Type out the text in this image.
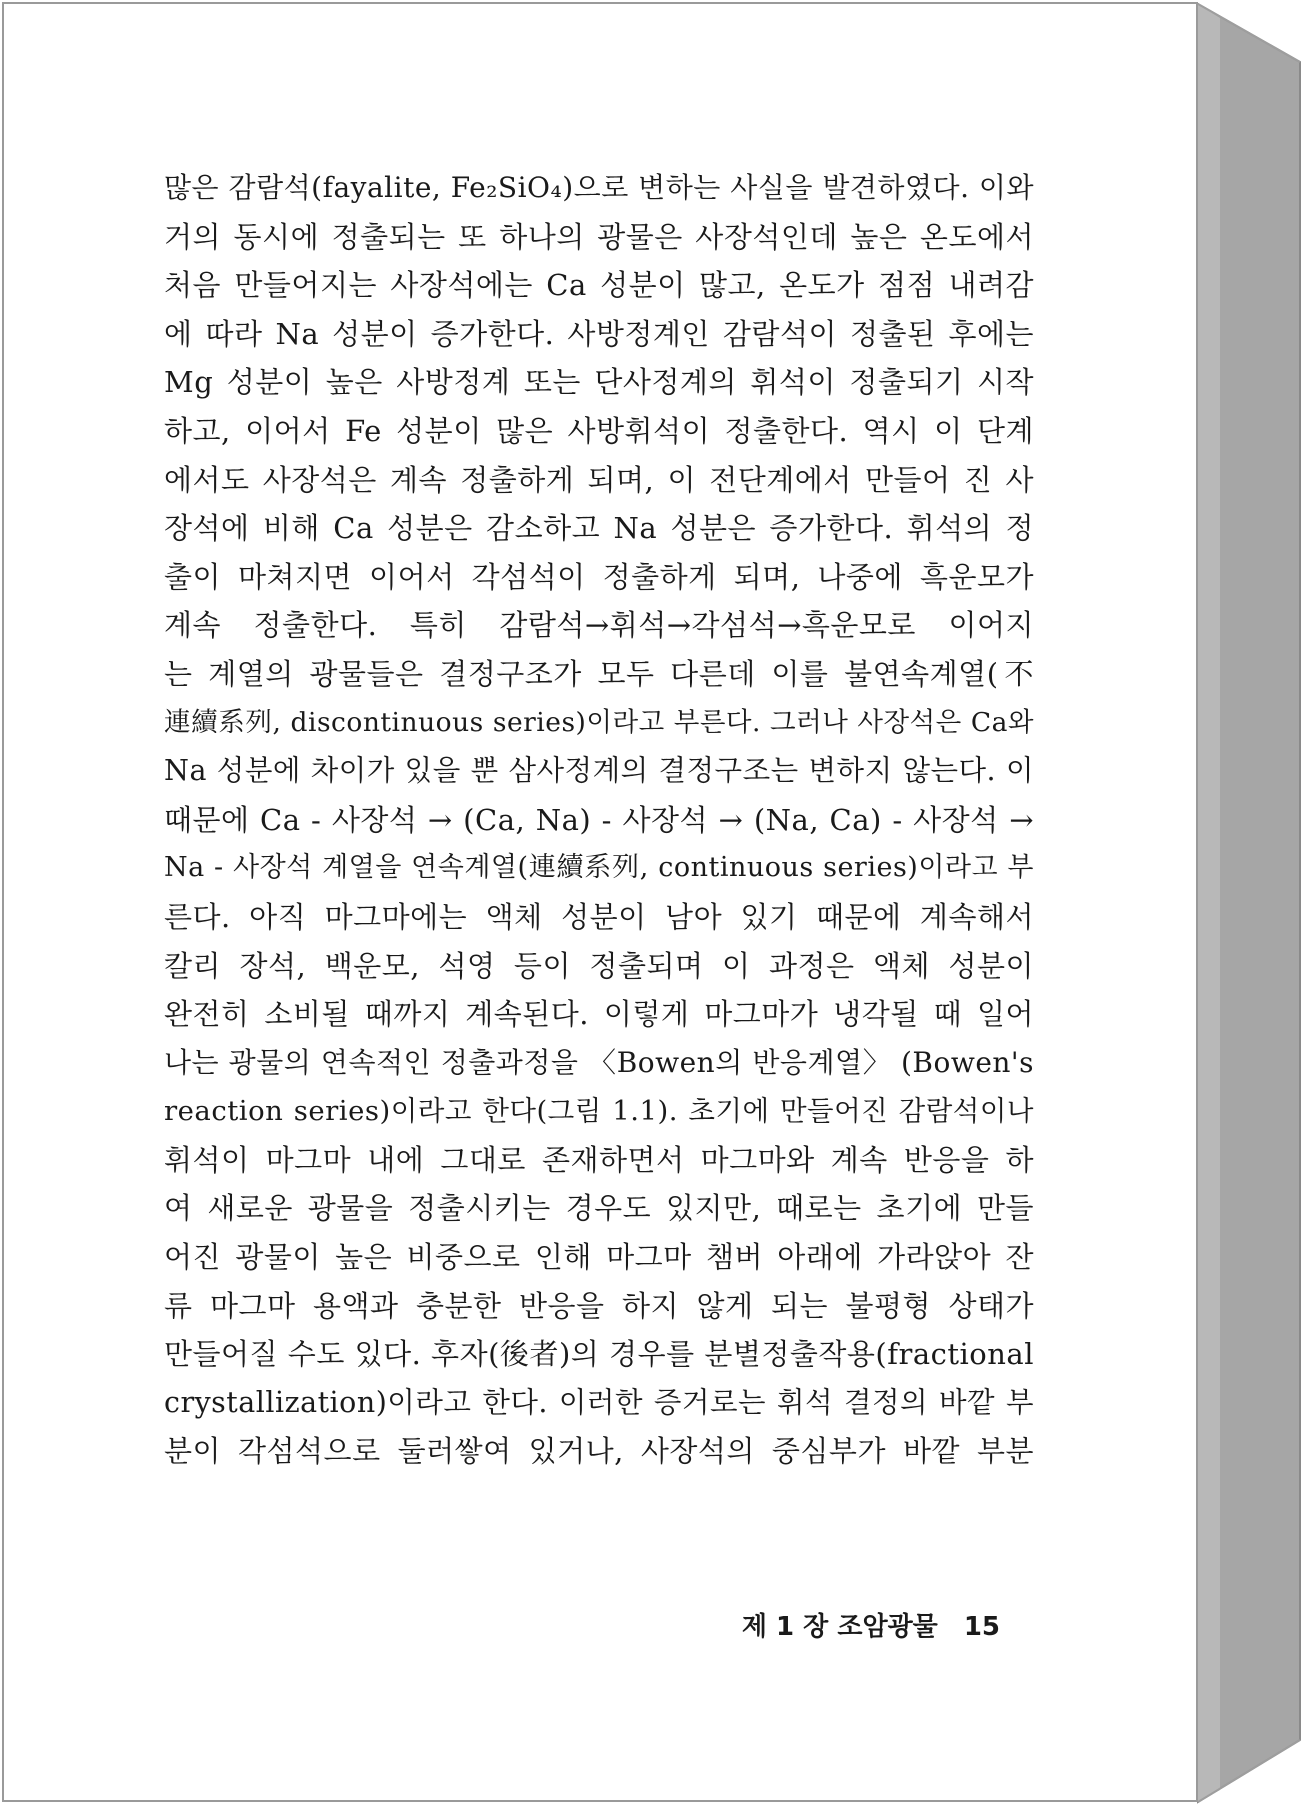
많은 감람석(fayalite, Fe₂SiO₄)으로 변하는 사실을 발견하였다. 이와
거의 동시에 정출되는 또 하나의 광물은 사장석인데 높은 온도에서
처음 만들어지는 사장석에는 Ca 성분이 많고, 온도가 점점 내려감
에 따라 Na 성분이 증가한다. 사방정계인 감람석이 정출된 후에는
Mg 성분이 높은 사방정계 또는 단사정계의 휘석이 정출되기 시작
하고, 이어서 Fe 성분이 많은 사방휘석이 정출한다. 역시 이 단계
에서도 사장석은 계속 정출하게 되며, 이 전단계에서 만들어 진 사
장석에 비해 Ca 성분은 감소하고 Na 성분은 증가한다. 휘석의 정
출이 마쳐지면 이어서 각섬석이 정출하게 되며, 나중에 흑운모가
계속 정출한다. 특히 감람석→휘석→각섬석→흑운모로 이어지
는 계열의 광물들은 결정구조가 모두 다른데 이를 불연속계열(不
連續系列, discontinuous series)이라고 부른다. 그러나 사장석은 Ca와
Na 성분에 차이가 있을 뿐 삼사정계의 결정구조는 변하지 않는다. 이
때문에 Ca - 사장석 → (Ca, Na) - 사장석 → (Na, Ca) - 사장석 →
Na - 사장석 계열을 연속계열(連續系列, continuous series)이라고 부
른다. 아직 마그마에는 액체 성분이 남아 있기 때문에 계속해서
칼리 장석, 백운모, 석영 등이 정출되며 이 과정은 액체 성분이
완전히 소비될 때까지 계속된다. 이렇게 마그마가 냉각될 때 일어
나는 광물의 연속적인 정출과정을 〈Bowen의 반응계열〉 (Bowen's
reaction series)이라고 한다(그림 1.1). 초기에 만들어진 감람석이나
휘석이 마그마 내에 그대로 존재하면서 마그마와 계속 반응을 하
여 새로운 광물을 정출시키는 경우도 있지만, 때로는 초기에 만들
어진 광물이 높은 비중으로 인해 마그마 챔버 아래에 가라앉아 잔
류 마그마 용액과 충분한 반응을 하지 않게 되는 불평형 상태가
만들어질 수도 있다. 후자(後者)의 경우를 분별정출작용(fractional
crystallization)이라고 한다. 이러한 증거로는 휘석 결정의 바깥 부
분이 각섬석으로 둘러쌓여 있거나, 사장석의 중심부가 바깥 부분
제 1 장 조암광물 15
